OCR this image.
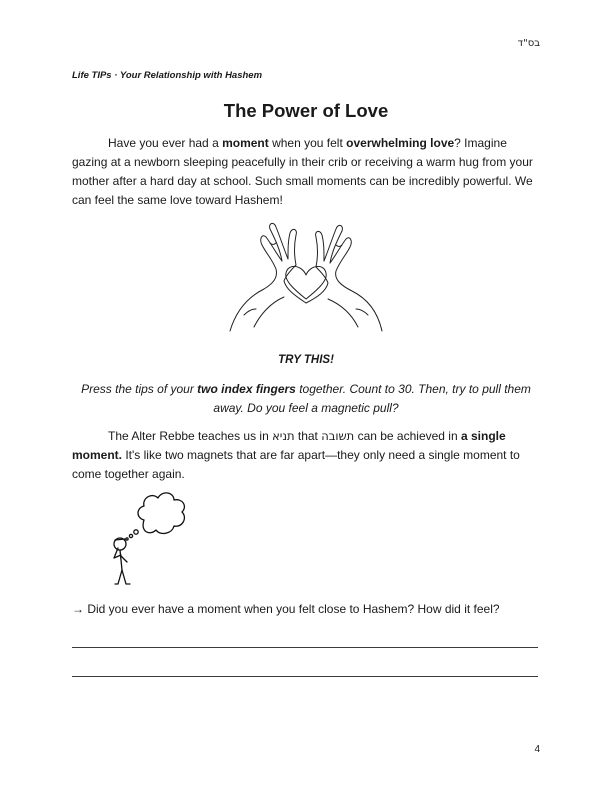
בס"ד
Life TIPs · Your Relationship with Hashem
The Power of Love

Have you ever had a moment when you felt overwhelming love? Imagine gazing at a newborn sleeping peacefully in their crib or receiving a warm hug from your mother after a hard day at school. Such small moments can be incredibly powerful. We can feel the same love toward Hashem!

TRY THIS!

Press the tips of your two index fingers together. Count to 30. Then, try to pull them away. Do you feel a magnetic pull?

The Alter Rebbe teaches us in תניא that תשובה can be achieved in a single moment. It's like two magnets that are far apart—they only need a single moment to come together again.

→ Did you ever have a moment when you felt close to Hashem? How did it feel?
4
